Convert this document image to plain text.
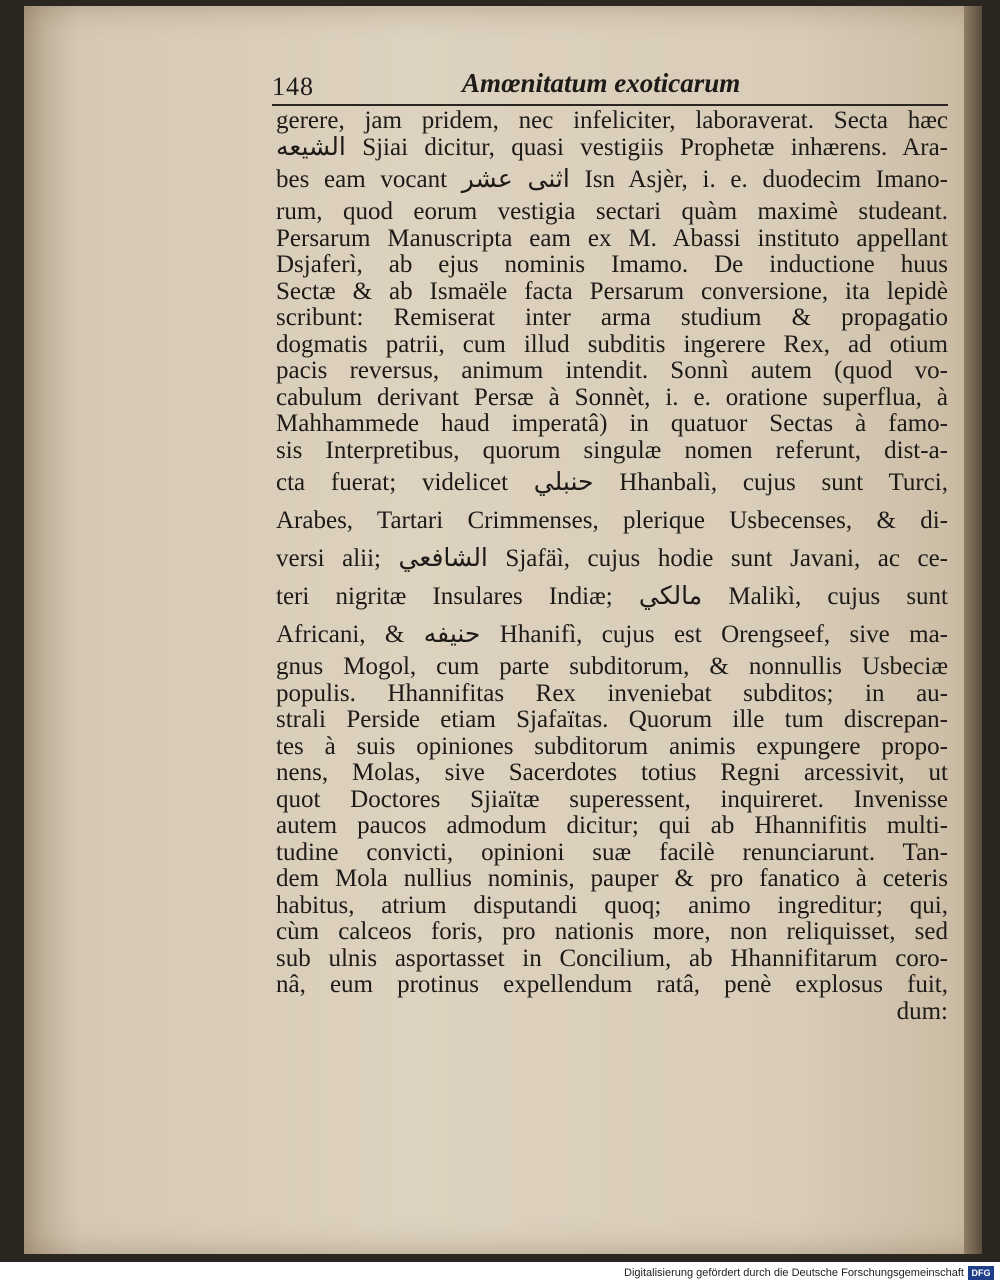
148	Amœnitatum exoticarum
gerere, jam pridem, nec infeliciter, laboraverat. Secta hæc
الشيعه Sjiai dicitur, quasi vestigiis Prophetæ inhærens. Ara-
bes eam vocant اثنى عشر Isn Asjèr, i. e. duodecim Imano-
rum, quod eorum vestigia sectari quàm maximè studeant.
Persarum Manuscripta eam ex M. Abassi instituto appellant
Dsjaferì, ab ejus nominis Imamo. De inductione huus
Sectæ & ab Ismaële facta Persarum conversione, ita lepidè
scribunt: Remiserat inter arma studium & propagatio
dogmatis patrii, cum illud subditis ingerere Rex, ad otium
pacis reversus, animum intendit. Sonnì autem (quod vo-
cabulum derivant Persæ à Sonnèt, i. e. oratione superflua, à
Mahhammede haud imperatâ) in quatuor Sectas à famo-
sis Interpretibus, quorum singulæ nomen referunt, dist-a-
cta fuerat; videlicet حنبلي Hhanbalì, cujus sunt Turci,
Arabes, Tartari Crimmenses, plerique Usbecenses, & di-
versi alii; الشافعي Sjafäì, cujus hodie sunt Javani, ac ce-
teri nigritæ Insulares Indiæ; مالكي Malikì, cujus sunt
Africani, & حنيفه Hhanifì, cujus est Orengseef, sive ma-
gnus Mogol, cum parte subditorum, & nonnullis Usbeciæ
populis. Hhannifitas Rex inveniebat subditos; in au-
strali Perside etiam Sjafaïtas. Quorum ille tum discrepan-
tes à suis opiniones subditorum animis expungere propo-
nens, Molas, sive Sacerdotes totius Regni arcessivit, ut
quot Doctores Sjiaïtæ superessent, inquireret. Invenisse
autem paucos admodum dicitur; qui ab Hhannifitis multi-
tudine convicti, opinioni suæ facilè renunciarunt. Tan-
dem Mola nullius nominis, pauper & pro fanatico à ceteris
habitus, atrium disputandi quoq; animo ingreditur; qui,
cùm calceos foris, pro nationis more, non reliquisset, sed
sub ulnis asportasset in Concilium, ab Hhannifitarum coro-
nâ, eum protinus expellendum ratâ, penè explosus fuit,
dum:
Digitalisierung gefördert durch die Deutsche Forschungsgemeinschaft DFG
